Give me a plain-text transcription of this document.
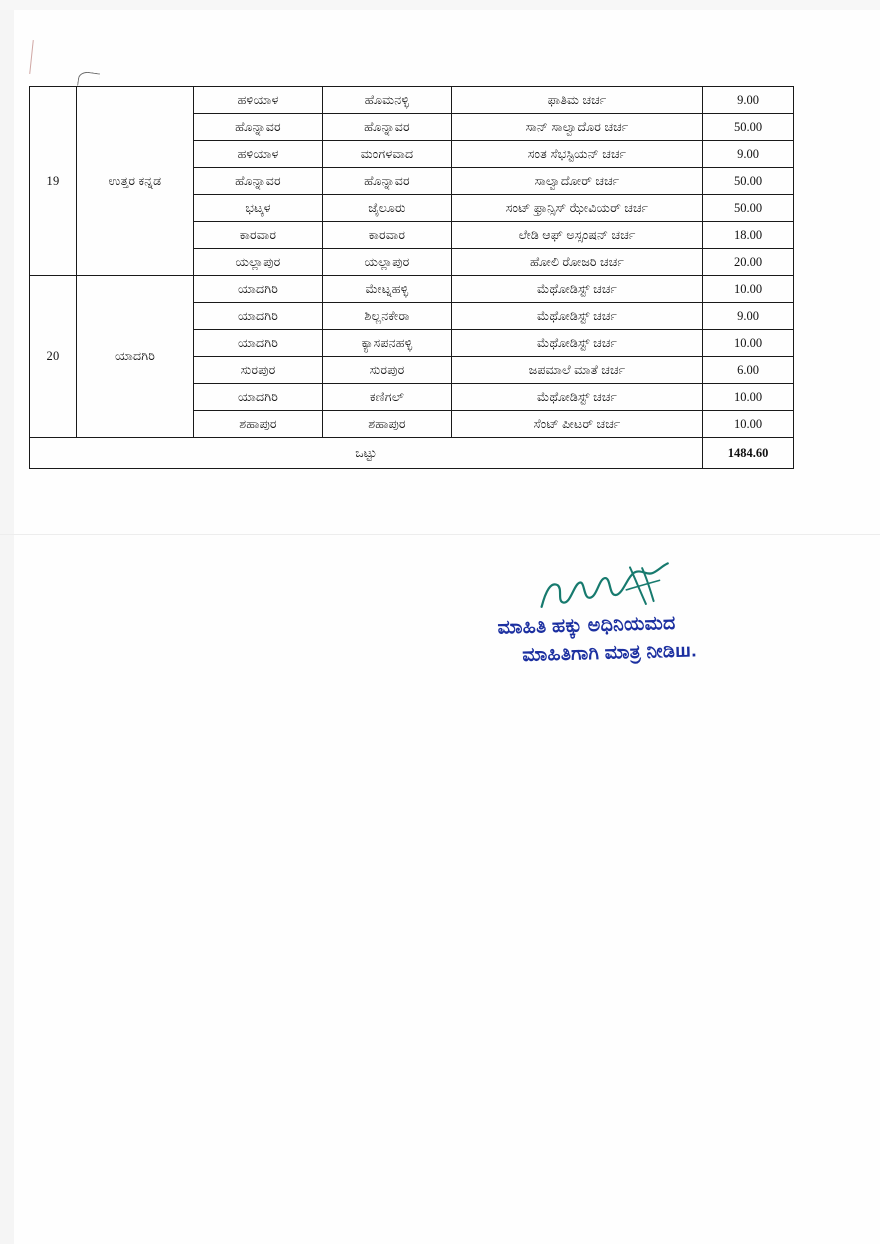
19	ಉತ್ತರ ಕನ್ನಡ	ಹಳಿಯಾಳ	ಹೊಮನಳ್ಳಿ	ಫಾತಿಮ ಚರ್ಚ	9.00
		ಹೊನ್ನಾವರ	ಹೊನ್ನಾವರ	ಸಾನ್ ಸಾಲ್ವಾದೊರ ಚರ್ಚ	50.00
		ಹಳಿಯಾಳ	ಮಂಗಳವಾದ	ಸಂತ ಸೆಭಸ್ಟಿಯನ್ ಚರ್ಚ	9.00
		ಹೊನ್ನಾವರ	ಹೊನ್ನಾವರ	ಸಾಲ್ವಾದೋರ್ ಚರ್ಚ	50.00
		ಭಟ್ಕಳ	ಜೈಲೂರು	ಸಂಟ್ ಫ್ರಾನ್ಸಿಸ್ ಝೇವಿಯರ್ ಚರ್ಚ	50.00
		ಕಾರವಾರ	ಕಾರವಾರ	ಲೇಡಿ ಆಫ್ ಅಸ್ಸಂಷನ್ ಚರ್ಚ	18.00
		ಯಲ್ಲಾಪುರ	ಯಲ್ಲಾಪುರ	ಹೋಲಿ ರೋಜರಿ ಚರ್ಚ	20.00
20	ಯಾದಗಿರಿ	ಯಾದಗಿರಿ	ಮೇಟ್ನಹಳ್ಳಿ	ಮೆಥೋಡಿಸ್ಟ್ ಚರ್ಚ	10.00
		ಯಾದಗಿರಿ	ಶಿಲ್ಲನಕೇರಾ	ಮೆಥೋಡಿಸ್ಟ್ ಚರ್ಚ	9.00
		ಯಾದಗಿರಿ	ಕ್ಯಾಸಪನಹಳ್ಳಿ	ಮೆಥೋಡಿಸ್ಟ್ ಚರ್ಚ	10.00
		ಸುರಪುರ	ಸುರಪುರ	ಜಪಮಾಲೆ ಮಾತೆ ಚರ್ಚ	6.00
		ಯಾದಗಿರಿ	ಕಣಿಗಲ್	ಮೆಥೋಡಿಸ್ಟ್ ಚರ್ಚ	10.00
		ಶಹಾಪುರ	ಶಹಾಪುರ	ಸೆಂಟ್ ಪೀಟರ್ ಚರ್ಚ	10.00
ಒಟ್ಟು					1484.60
ಮಾಹಿತಿ ಹಕ್ಕು ಅಧಿನಿಯಮದ
ಮಾಹಿತಿಗಾಗಿ ಮಾತ್ರ ನೀಡಿш.
